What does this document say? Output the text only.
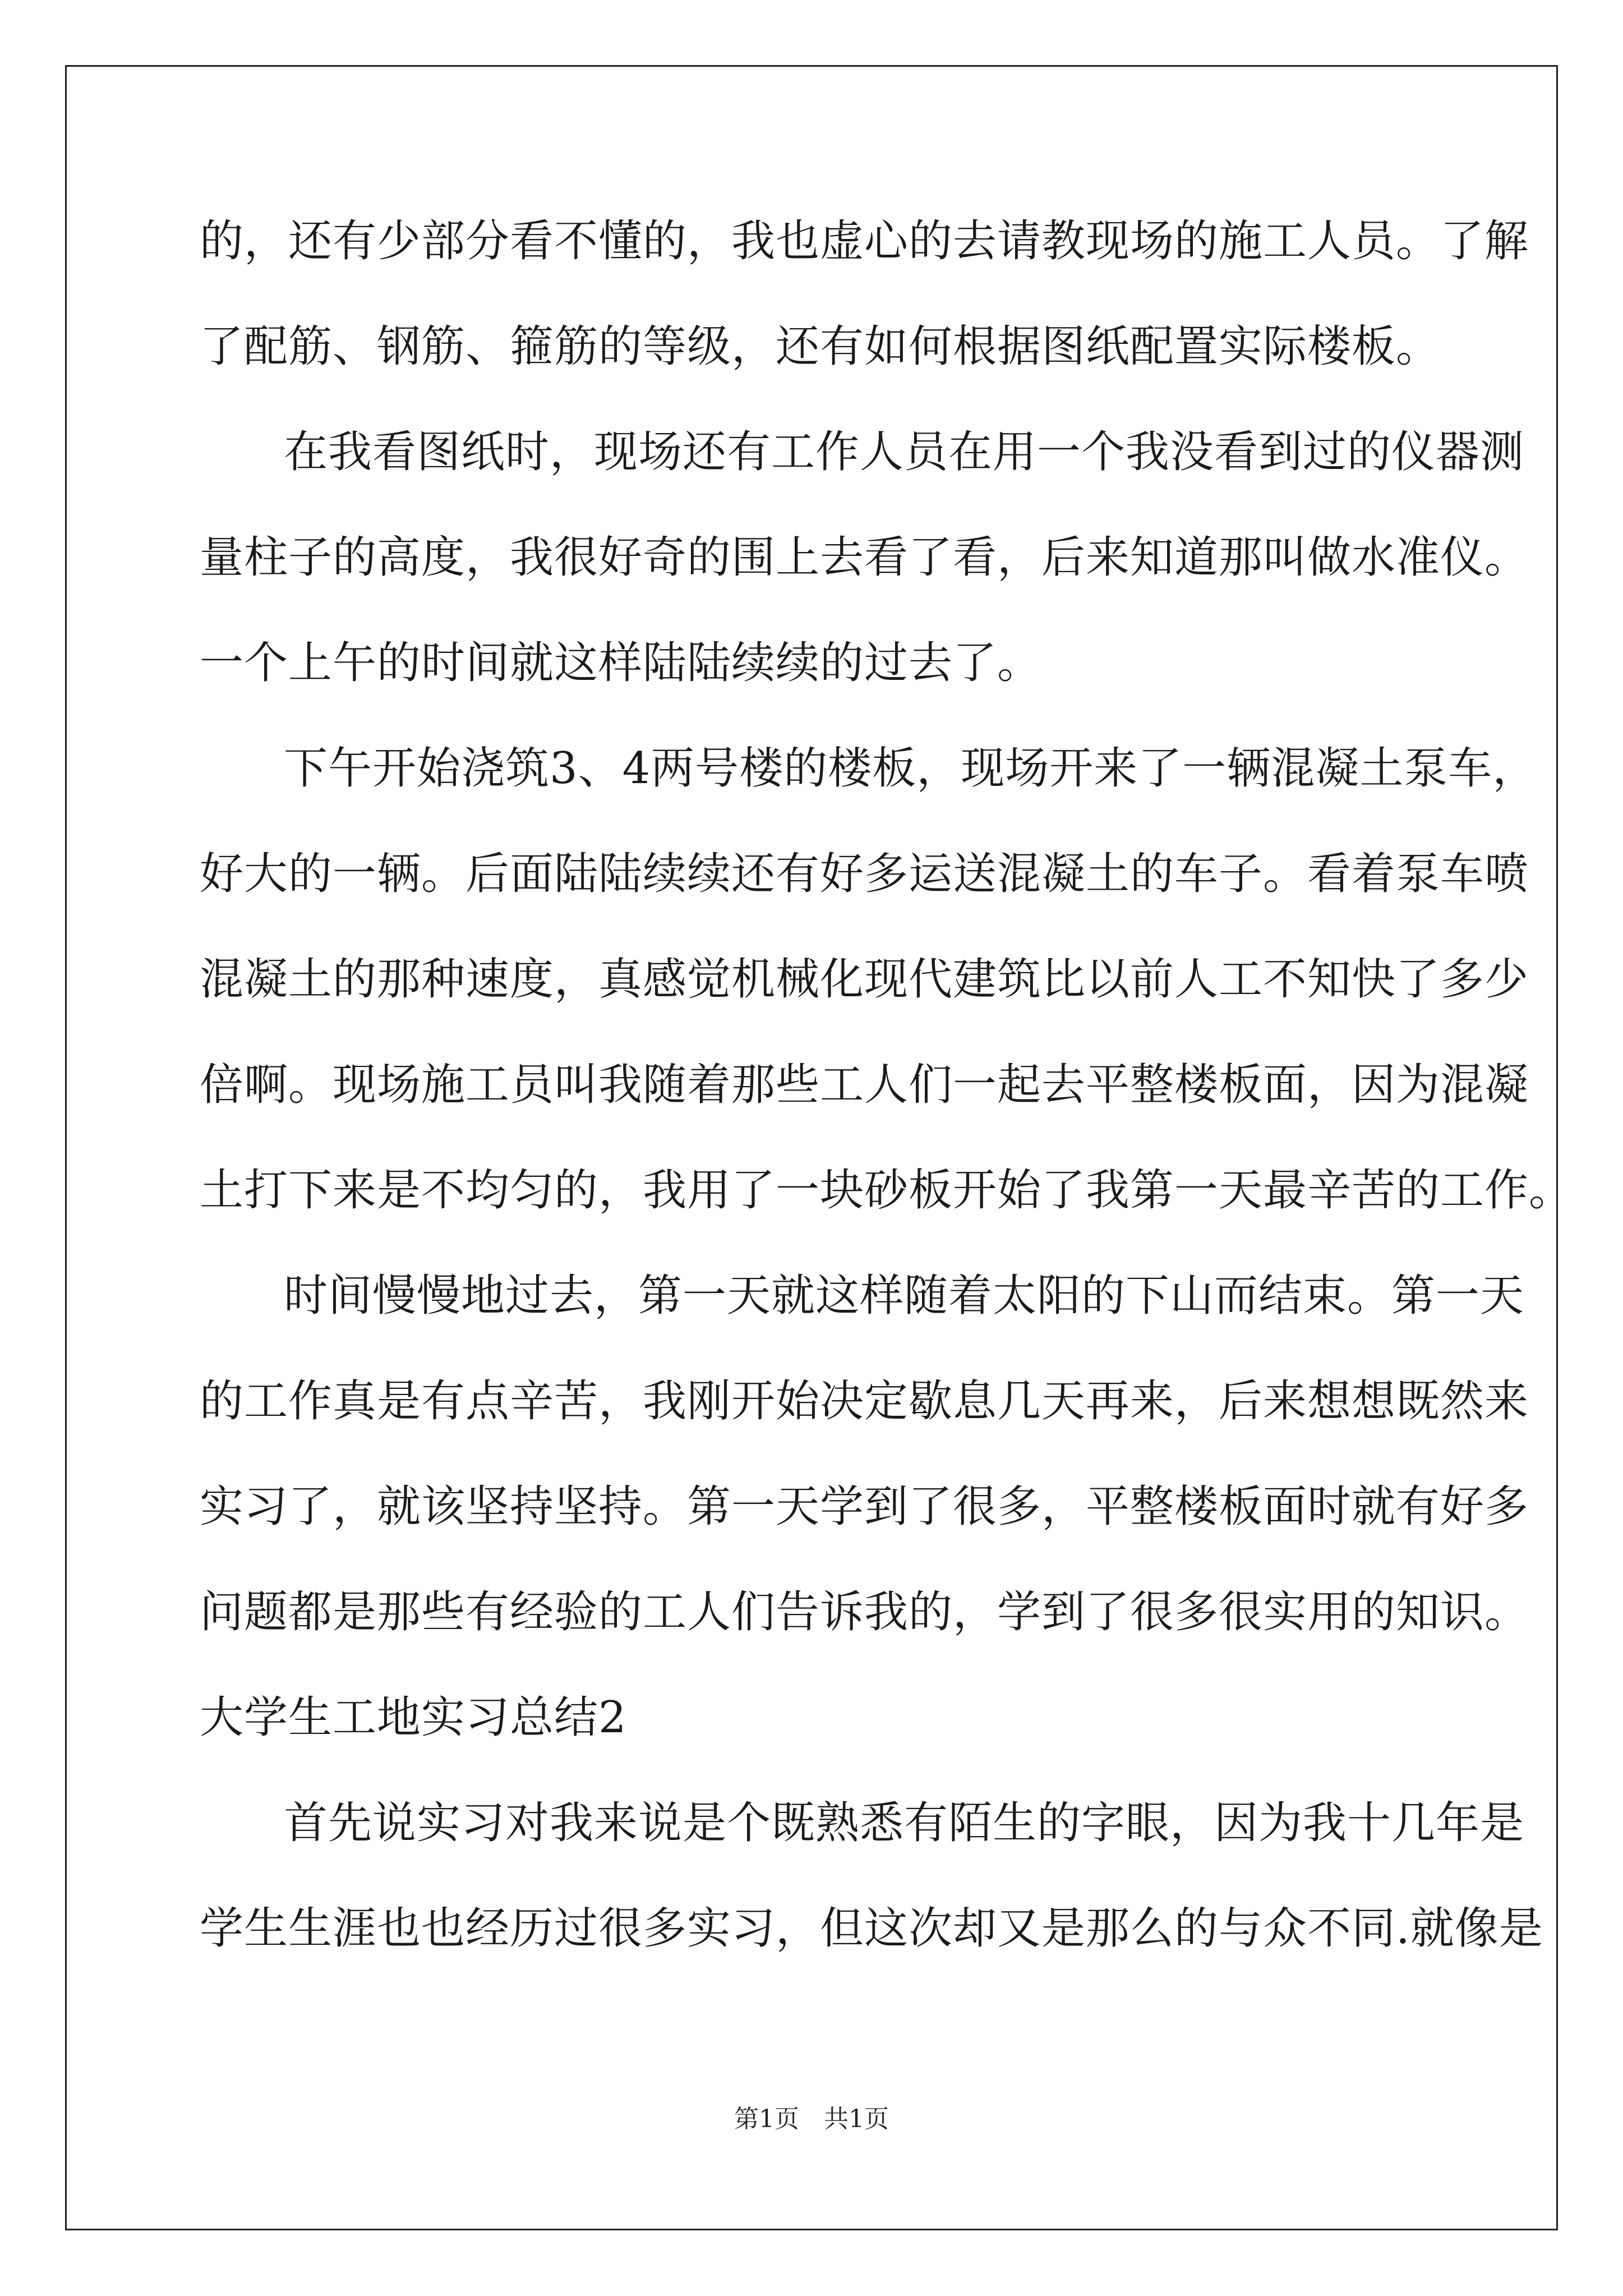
的，还有少部分看不懂的，我也虚心的去请教现场的施工人员。了解
了配筋、钢筋、箍筋的等级，还有如何根据图纸配置实际楼板。
在我看图纸时，现场还有工作人员在用一个我没看到过的仪器测
量柱子的高度，我很好奇的围上去看了看，后来知道那叫做水准仪。
一个上午的时间就这样陆陆续续的过去了。
下午开始浇筑3、4两号楼的楼板，现场开来了一辆混凝土泵车，
好大的一辆。后面陆陆续续还有好多运送混凝土的车子。看着泵车喷
混凝土的那种速度，真感觉机械化现代建筑比以前人工不知快了多少
倍啊。现场施工员叫我随着那些工人们一起去平整楼板面，因为混凝
土打下来是不均匀的，我用了一块砂板开始了我第一天最辛苦的工作。
时间慢慢地过去，第一天就这样随着太阳的下山而结束。第一天
的工作真是有点辛苦，我刚开始决定歇息几天再来，后来想想既然来
实习了，就该坚持坚持。第一天学到了很多，平整楼板面时就有好多
问题都是那些有经验的工人们告诉我的，学到了很多很实用的知识。
大学生工地实习总结2
首先说实习对我来说是个既熟悉有陌生的字眼，因为我十几年是
学生生涯也也经历过很多实习，但这次却又是那么的与众不同.就像是
第1页 共1页
